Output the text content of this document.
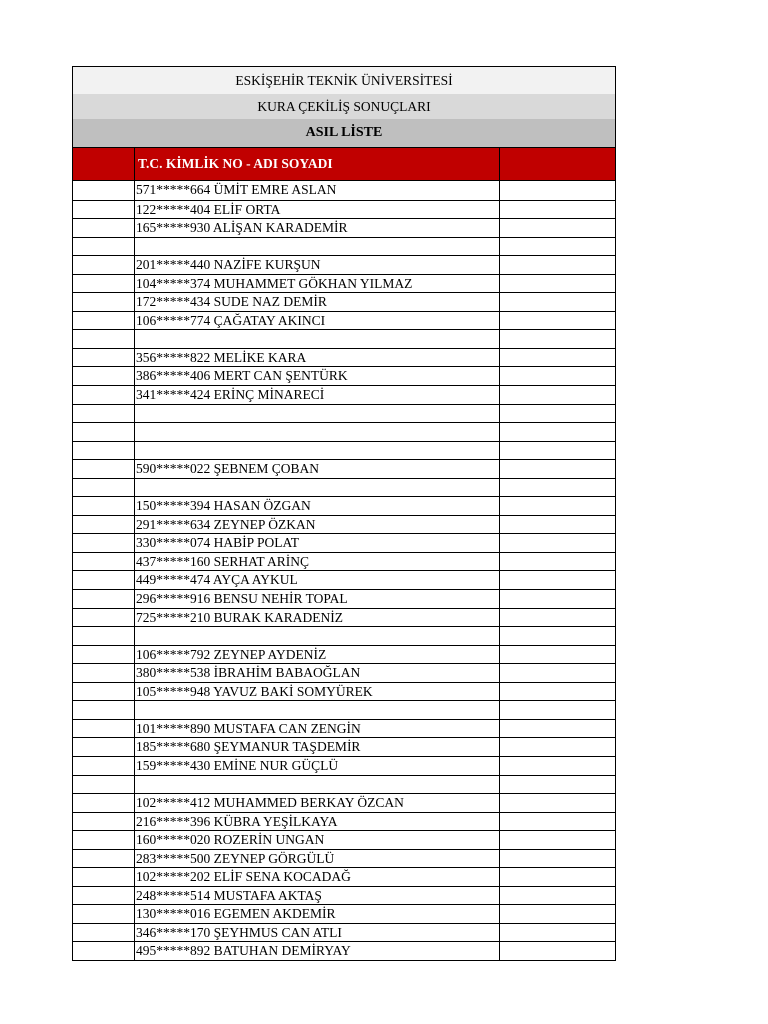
ESKİŞEHİR TEKNİK ÜNİVERSİTESİ
KURA ÇEKİLİŞ SONUÇLARI
ASIL LİSTE
T.C. KİMLİK NO - ADI SOYADI
571*****664 ÜMİT EMRE ASLAN
122*****404 ELİF ORTA
165*****930 ALİŞAN KARADEMİR
201*****440 NAZİFE KURŞUN
104*****374 MUHAMMET GÖKHAN YILMAZ
172*****434 SUDE NAZ DEMİR
106*****774 ÇAĞATAY AKINCI
356*****822 MELİKE KARA
386*****406 MERT CAN ŞENTÜRK
341*****424 ERİNÇ MİNARECİ
590*****022 ŞEBNEM ÇOBAN
150*****394 HASAN ÖZGAN
291*****634 ZEYNEP ÖZKAN
330*****074 HABİP POLAT
437*****160 SERHAT ARİNÇ
449*****474 AYÇA AYKUL
296*****916 BENSU NEHİR TOPAL
725*****210 BURAK KARADENİZ
106*****792 ZEYNEP AYDENİZ
380*****538 İBRAHİM BABAOĞLAN
105*****948 YAVUZ BAKİ SOMYÜREK
101*****890 MUSTAFA CAN ZENGİN
185*****680 ŞEYMANUR TAŞDEMİR
159*****430 EMİNE NUR GÜÇLÜ
102*****412 MUHAMMED BERKAY ÖZCAN
216*****396 KÜBRA YEŞİLKAYA
160*****020 ROZERİN UNGAN
283*****500 ZEYNEP GÖRGÜLÜ
102*****202 ELİF SENA KOCADAĞ
248*****514 MUSTAFA AKTAŞ
130*****016 EGEMEN AKDEMİR
346*****170 ŞEYHMUS CAN ATLI
495*****892 BATUHAN DEMİRYAY
